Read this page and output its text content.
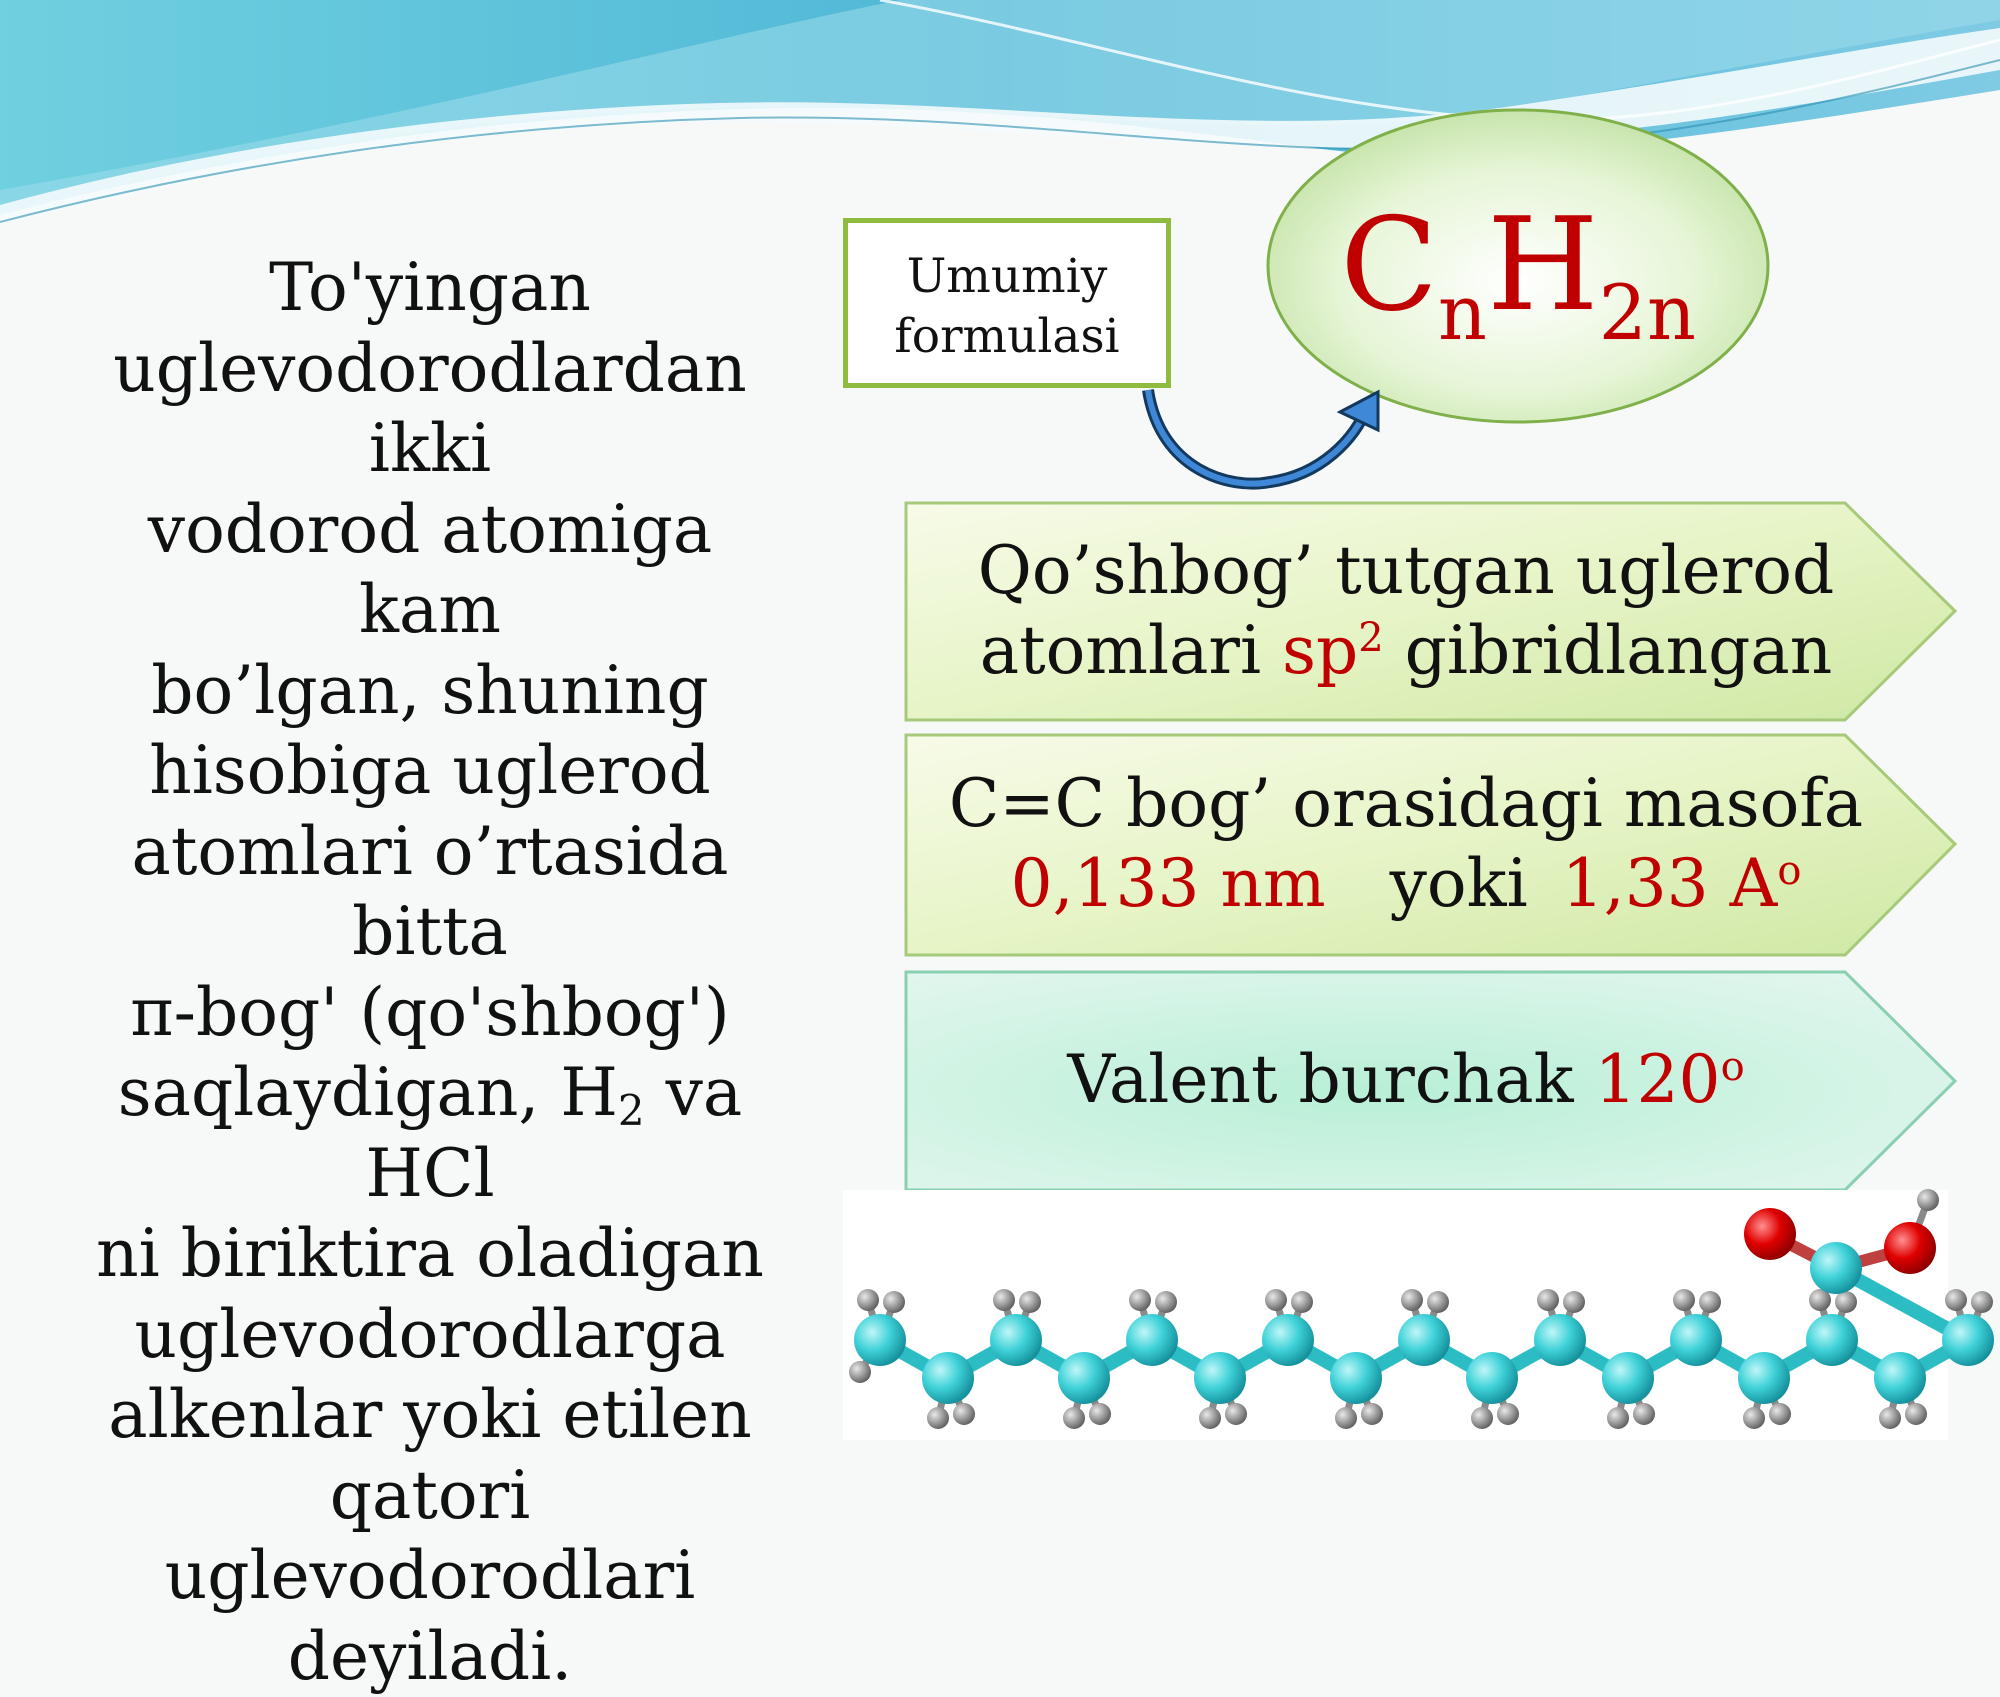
To'yingan
uglevodorodlardan ikki
vodorod atomiga kam
bo’lgan, shuning
hisobiga uglerod
atomlari o’rtasida bitta
π-bog' (qo'shbog')
saqlaydigan, $H_2$ va HCl
ni biriktira oladigan
uglevodorodlarga
alkenlar yoki etilen
qatori uglevodorodlari
deyiladi.
Umumiy
formulasi	$C_nH_{2n}$
Qo’shbog’ tutgan uglerod
atomlari $sp^2$ gibridlangan
C=C bog’ orasidagi masofa
0,133 nm yoki 1,33 $A^o$
Valent burchak 120$^o$
